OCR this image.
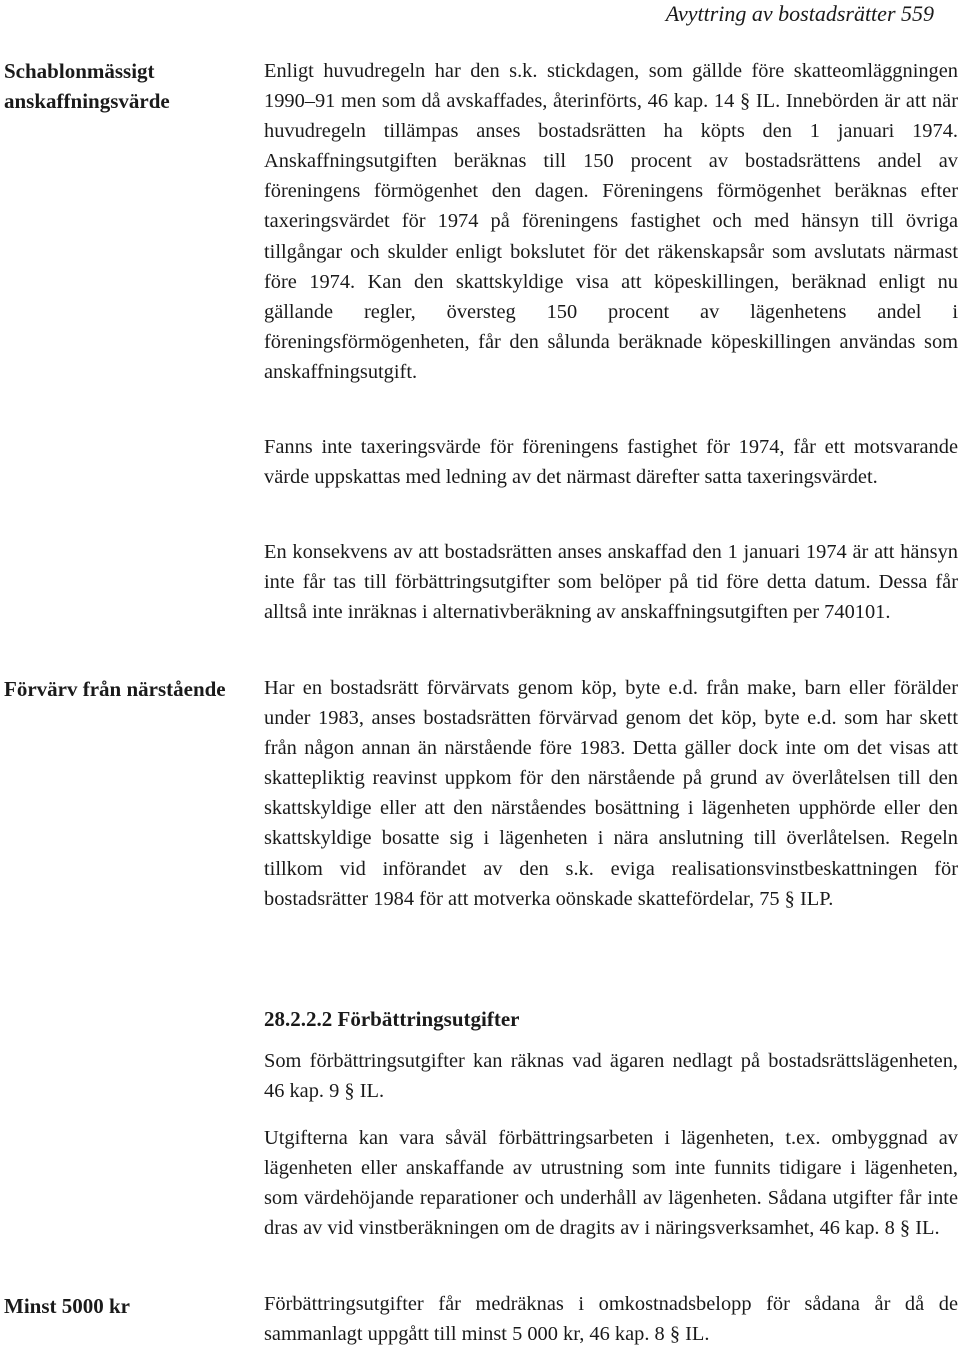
Avyttring av bostadsrätter 559
Schablonmässigt anskaffningsvärde
Förvärv från närstående
Minst 5000 kr

Enligt huvudregeln har den s.k. stickdagen, som gällde före skatteomläggningen 1990–91 men som då avskaffades, återinförts, 46 kap. 14 § IL. Innebörden är att när huvudregeln tillämpas anses bostadsrätten ha köpts den 1 januari 1974. Anskaffningsutgiften beräknas till 150 procent av bostadsrättens andel av föreningens förmögenhet den dagen. Föreningens förmögenhet beräknas efter taxeringsvärdet för 1974 på föreningens fastighet och med hänsyn till övriga tillgångar och skulder enligt bokslutet för det räkenskapsår som avslutats närmast före 1974. Kan den skattskyldige visa att köpeskillingen, beräknad enligt nu gällande regler, översteg 150 procent av lägenhetens andel i föreningsförmögenheten, får den sålunda beräknade köpeskillingen användas som anskaffningsutgift.

Fanns inte taxeringsvärde för föreningens fastighet för 1974, får ett motsvarande värde uppskattas med ledning av det närmast därefter satta taxeringsvärdet.

En konsekvens av att bostadsrätten anses anskaffad den 1 januari 1974 är att hänsyn inte får tas till förbättringsutgifter som belöper på tid före detta datum. Dessa får alltså inte inräknas i alternativberäkning av anskaffningsutgiften per 740101.

Har en bostadsrätt förvärvats genom köp, byte e.d. från make, barn eller förälder under 1983, anses bostadsrätten förvärvad genom det köp, byte e.d. som har skett från någon annan än närstående före 1983. Detta gäller dock inte om det visas att skattepliktig reavinst uppkom för den närstående på grund av överlåtelsen till den skattskyldige eller att den närståendes bosättning i lägenheten upphörde eller den skattskyldige bosatte sig i lägenheten i nära anslutning till överlåtelsen. Regeln tillkom vid införandet av den s.k. eviga realisationsvinstbeskattningen för bostadsrätter 1984 för att motverka oönskade skattefördelar, 75 § ILP.

28.2.2.2 Förbättringsutgifter

Som förbättringsutgifter kan räknas vad ägaren nedlagt på bostadsrättslägenheten, 46 kap. 9 § IL.

Utgifterna kan vara såväl förbättringsarbeten i lägenheten, t.ex. ombyggnad av lägenheten eller anskaffande av utrustning som inte funnits tidigare i lägenheten, som värdehöjande reparationer och underhåll av lägenheten. Sådana utgifter får inte dras av vid vinstberäkningen om de dragits av i näringsverksamhet, 46 kap. 8 § IL.

Förbättringsutgifter får medräknas i omkostnadsbelopp för sådana år då de sammanlagt uppgått till minst 5 000 kr, 46 kap. 8 § IL.
